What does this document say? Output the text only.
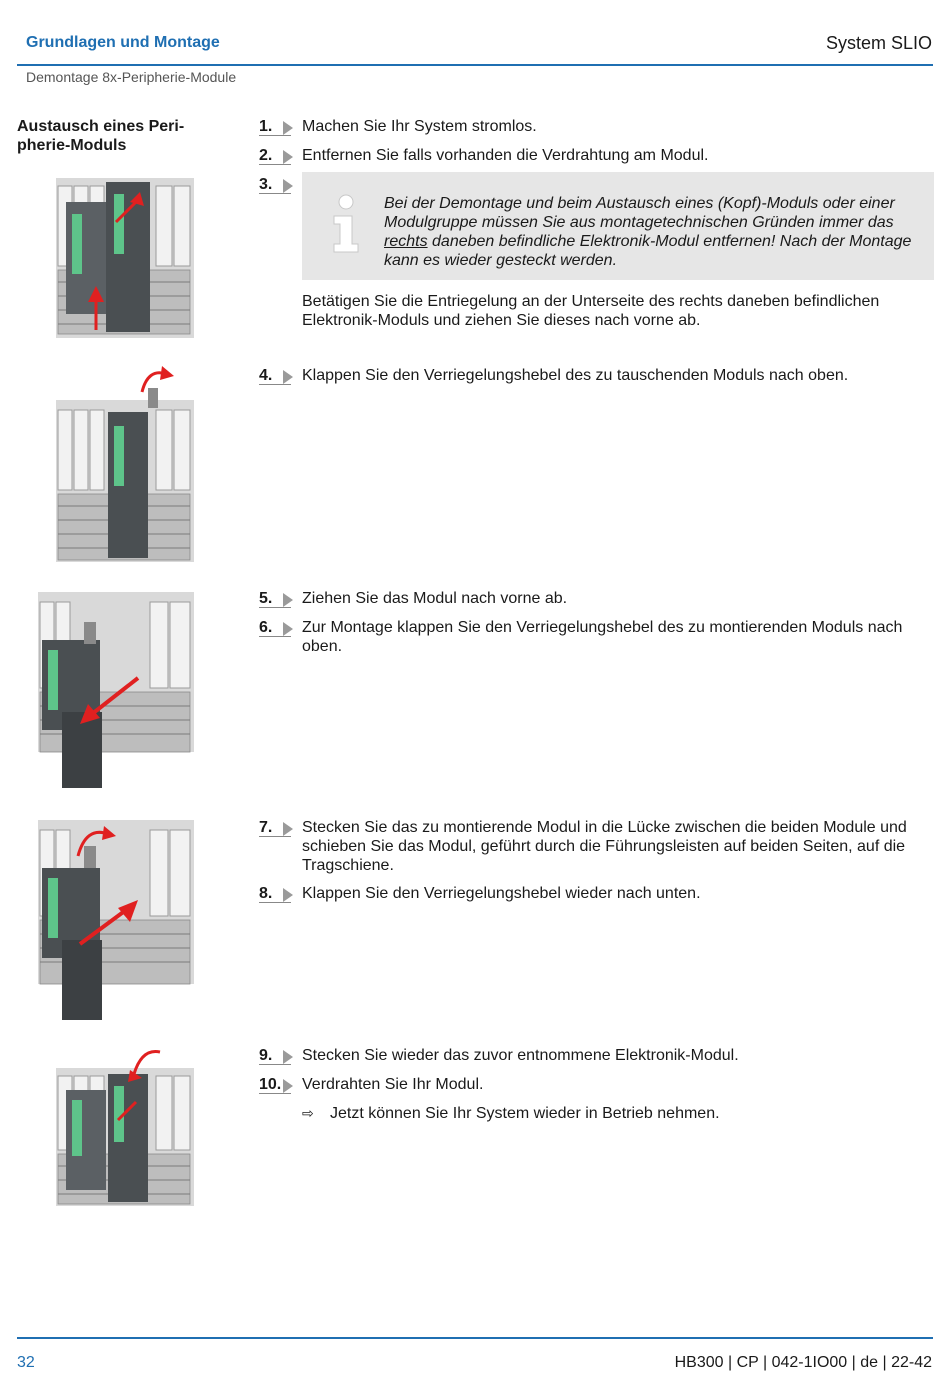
Grundlagen und Montage	System SLIO
Demontage 8x-Peripherie-Module
Austausch eines Peri-
pherie-Moduls
1. Machen Sie Ihr System stromlos.
2. Entfernen Sie falls vorhanden die Verdrahtung am Modul.
3.
Bei der Demontage und beim Austausch eines (Kopf)-Moduls oder einer Modulgruppe müssen Sie aus montagetechnischen Gründen immer das rechts daneben befindliche Elektronik-Modul entfernen! Nach der Montage kann es wieder gesteckt werden.
Betätigen Sie die Entriegelung an der Unterseite des rechts daneben befindlichen Elektronik-Moduls und ziehen Sie dieses nach vorne ab.
4. Klappen Sie den Verriegelungshebel des zu tauschenden Moduls nach oben.
5. Ziehen Sie das Modul nach vorne ab.
6. Zur Montage klappen Sie den Verriegelungshebel des zu montierenden Moduls nach oben.
7. Stecken Sie das zu montierende Modul in die Lücke zwischen die beiden Module und schieben Sie das Modul, geführt durch die Führungsleisten auf beiden Seiten, auf die Tragschiene.
8. Klappen Sie den Verriegelungshebel wieder nach unten.
9. Stecken Sie wieder das zuvor entnommene Elektronik-Modul.
10. Verdrahten Sie Ihr Modul.
⇨ Jetzt können Sie Ihr System wieder in Betrieb nehmen.
32	HB300 | CP | 042-1IO00 | de | 22-42
